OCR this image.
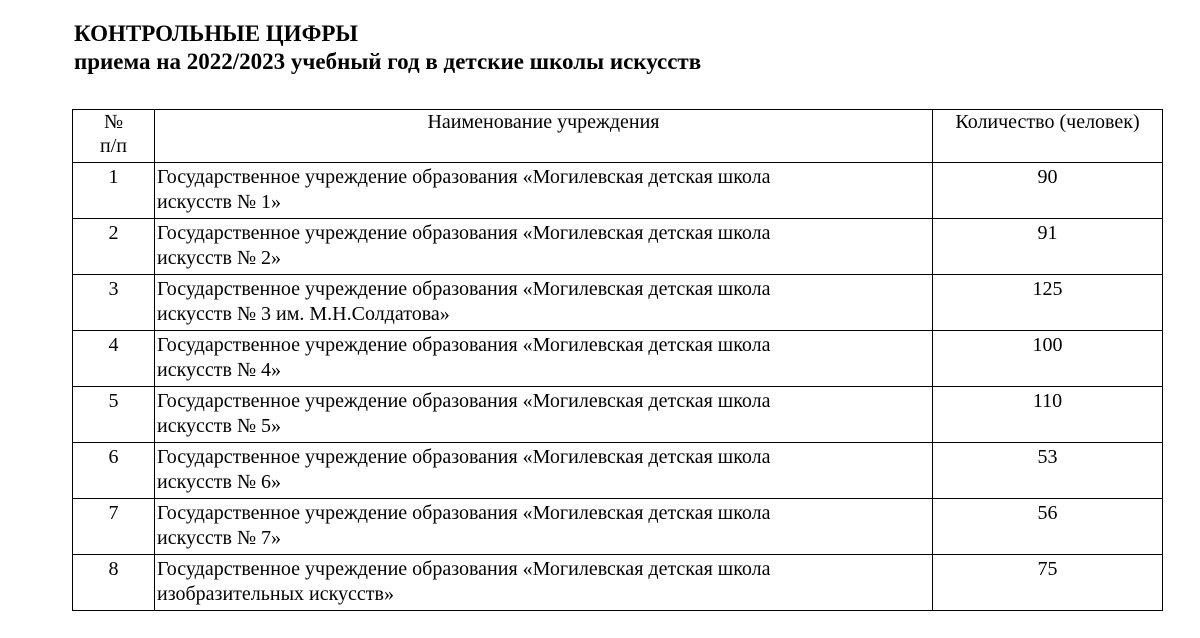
КОНТРОЛЬНЫЕ ЦИФРЫ
приема на 2022/2023 учебный год в детские школы искусств
№
п/п	Наименование учреждения	Количество (человек)
1	Государственное учреждение образования «Могилевская детская школа
искусств № 1»	90
2	Государственное учреждение образования «Могилевская детская школа
искусств № 2»	91
3	Государственное учреждение образования «Могилевская детская школа
искусств № 3 им. М.Н.Солдатова»	125
4	Государственное учреждение образования «Могилевская детская школа
искусств № 4»	100
5	Государственное учреждение образования «Могилевская детская школа
искусств № 5»	110
6	Государственное учреждение образования «Могилевская детская школа
искусств № 6»	53
7	Государственное учреждение образования «Могилевская детская школа
искусств № 7»	56
8	Государственное учреждение образования «Могилевская детская школа
изобразительных искусств»	75
